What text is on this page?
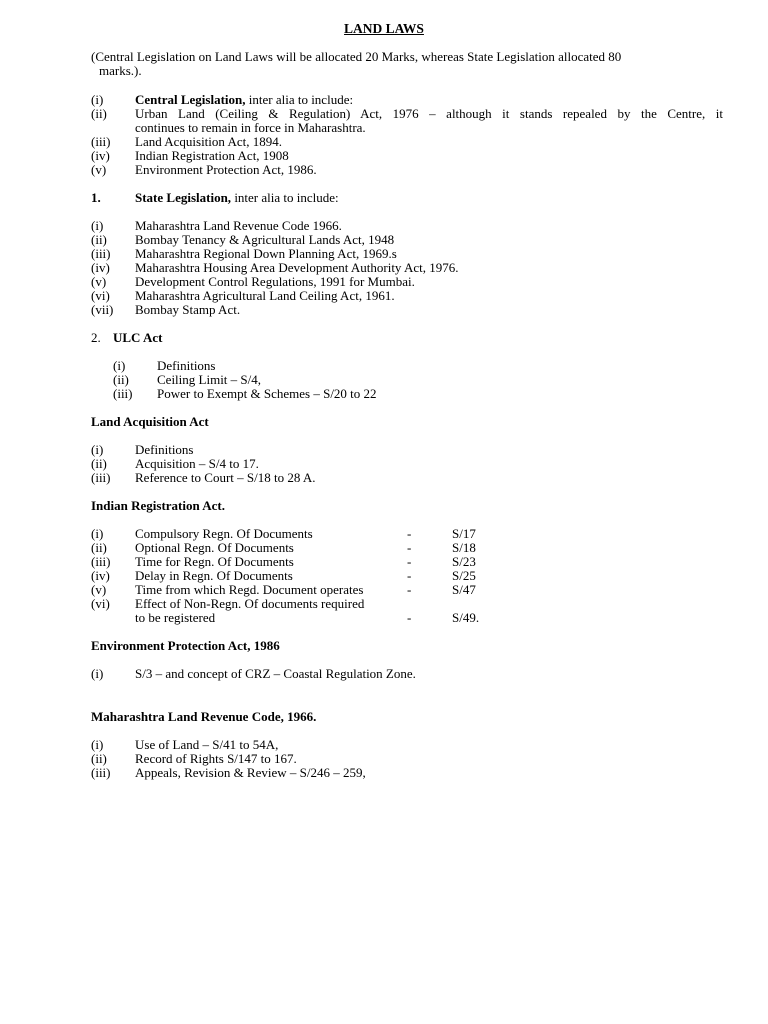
LAND LAWS
(Central Legislation on Land Laws will be allocated 20 Marks, whereas State Legislation allocated 80
marks.).
(i) Central Legislation, inter alia to include:
(ii) Urban Land (Ceiling & Regulation) Act, 1976 – although it stands repealed by the Centre, it
continues to remain in force in Maharashtra.
(iii) Land Acquisition Act, 1894.
(iv) Indian Registration Act, 1908
(v) Environment Protection Act, 1986.
1.	State Legislation, inter alia to include:
(i) Maharashtra Land Revenue Code 1966.
(ii) Bombay Tenancy & Agricultural Lands Act, 1948
(iii) Maharashtra Regional Down Planning Act, 1969.s
(iv) Maharashtra Housing Area Development Authority Act, 1976.
(v) Development Control Regulations, 1991 for Mumbai.
(vi) Maharashtra Agricultural Land Ceiling Act, 1961.
(vii) Bombay Stamp Act.
2. ULC Act
(i) Definitions
(ii) Ceiling Limit – S/4,
(iii) Power to Exempt & Schemes – S/20 to 22
Land Acquisition Act
(i) Definitions
(ii) Acquisition – S/4 to 17.
(iii) Reference to Court – S/18 to 28 A.
Indian Registration Act.
(i) Compulsory Regn. Of Documents	-	S/17
(ii) Optional Regn. Of Documents	-	S/18
(iii) Time for Regn. Of Documents	-	S/23
(iv) Delay in Regn. Of Documents	-	S/25
(v) Time from which Regd. Document operates	-	S/47
(vi) Effect of Non-Regn. Of documents required
to be registered	-	S/49.
Environment Protection Act, 1986
(i) S/3 – and concept of CRZ – Coastal Regulation Zone.
Maharashtra Land Revenue Code, 1966.
(i) Use of Land – S/41 to 54A,
(ii) Record of Rights S/147 to 167.
(iii) Appeals, Revision & Review – S/246 – 259,
